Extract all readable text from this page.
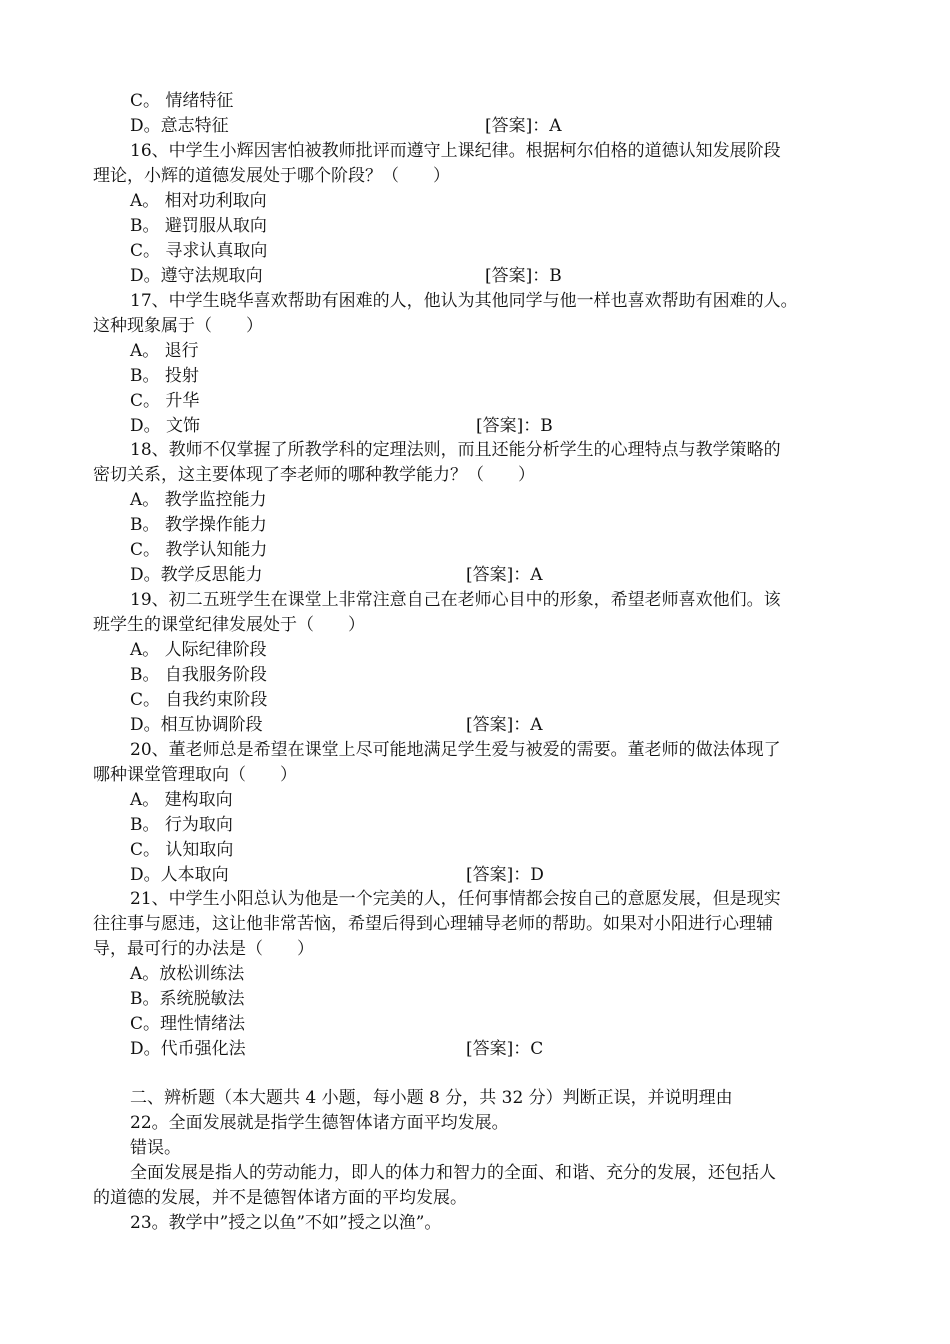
C。 情绪特征
D。意志特征	[答案]：A
16、中学生小辉因害怕被教师批评而遵守上课纪律。根据柯尔伯格的道德认知发展阶段
理论，小辉的道德发展处于哪个阶段？（　　）
A。 相对功利取向
B。 避罚服从取向
C。 寻求认真取向
D。遵守法规取向	[答案]：B
17、中学生晓华喜欢帮助有困难的人，他认为其他同学与他一样也喜欢帮助有困难的人。
这种现象属于（　　）
A。 退行
B。 投射
C。 升华
D。 文饰	[答案]：B
18、教师不仅掌握了所教学科的定理法则，而且还能分析学生的心理特点与教学策略的
密切关系，这主要体现了李老师的哪种教学能力？（　　）
A。 教学监控能力
B。 教学操作能力
C。 教学认知能力
D。教学反思能力	[答案]：A
19、初二五班学生在课堂上非常注意自己在老师心目中的形象，希望老师喜欢他们。该
班学生的课堂纪律发展处于（　　）
A。 人际纪律阶段
B。 自我服务阶段
C。 自我约束阶段
D。相互协调阶段	[答案]：A
20、董老师总是希望在课堂上尽可能地满足学生爱与被爱的需要。董老师的做法体现了
哪种课堂管理取向（　　）
A。 建构取向
B。 行为取向
C。 认知取向
D。人本取向	[答案]：D
21、中学生小阳总认为他是一个完美的人，任何事情都会按自己的意愿发展，但是现实
往往事与愿违，这让他非常苦恼，希望后得到心理辅导老师的帮助。如果对小阳进行心理辅
导，最可行的办法是（　　）
A。放松训练法
B。系统脱敏法
C。理性情绪法
D。代币强化法	[答案]：C
二、辨析题（本大题共 4 小题，每小题 8 分，共 32 分）判断正误，并说明理由
22。全面发展就是指学生德智体诸方面平均发展。
错误。
全面发展是指人的劳动能力，即人的体力和智力的全面、和谐、充分的发展，还包括人
的道德的发展，并不是德智体诸方面的平均发展。
23。教学中”授之以鱼”不如”授之以渔”。
